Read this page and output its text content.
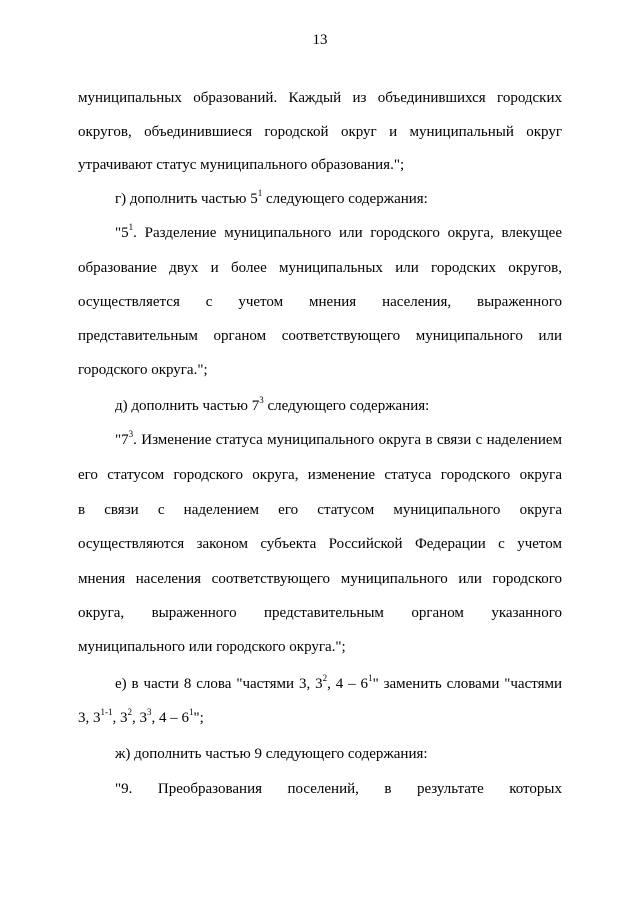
13
муниципальных образований. Каждый из объединившихся городских
округов, объединившиеся городской округ и муниципальный округ
утрачивают статус муниципального образования.";
г) дополнить частью $5^1$ следующего содержания:
"$5^1$. Разделение муниципального или городского округа, влекущее
образование двух и более муниципальных или городских округов,
осуществляется с учетом мнения населения, выраженного
представительным органом соответствующего муниципального или
городского округа.";
д) дополнить частью $7^3$ следующего содержания:
"$7^3$. Изменение статуса муниципального округа в связи с наделением
его статусом городского округа, изменение статуса городского округа
в связи с наделением его статусом муниципального округа
осуществляются законом субъекта Российской Федерации с учетом
мнения населения соответствующего муниципального или городского
округа, выраженного представительным органом указанного
муниципального или городского округа.";
е) в части 8 слова "частями 3, $3^2$, $4 - 6^1$" заменить словами "частями
3, 3$^{1-1}$, $3^2$, $3^3$, $4 - 6^1$";
ж) дополнить частью 9 следующего содержания:
"9. Преобразования поселений, в результате которых
